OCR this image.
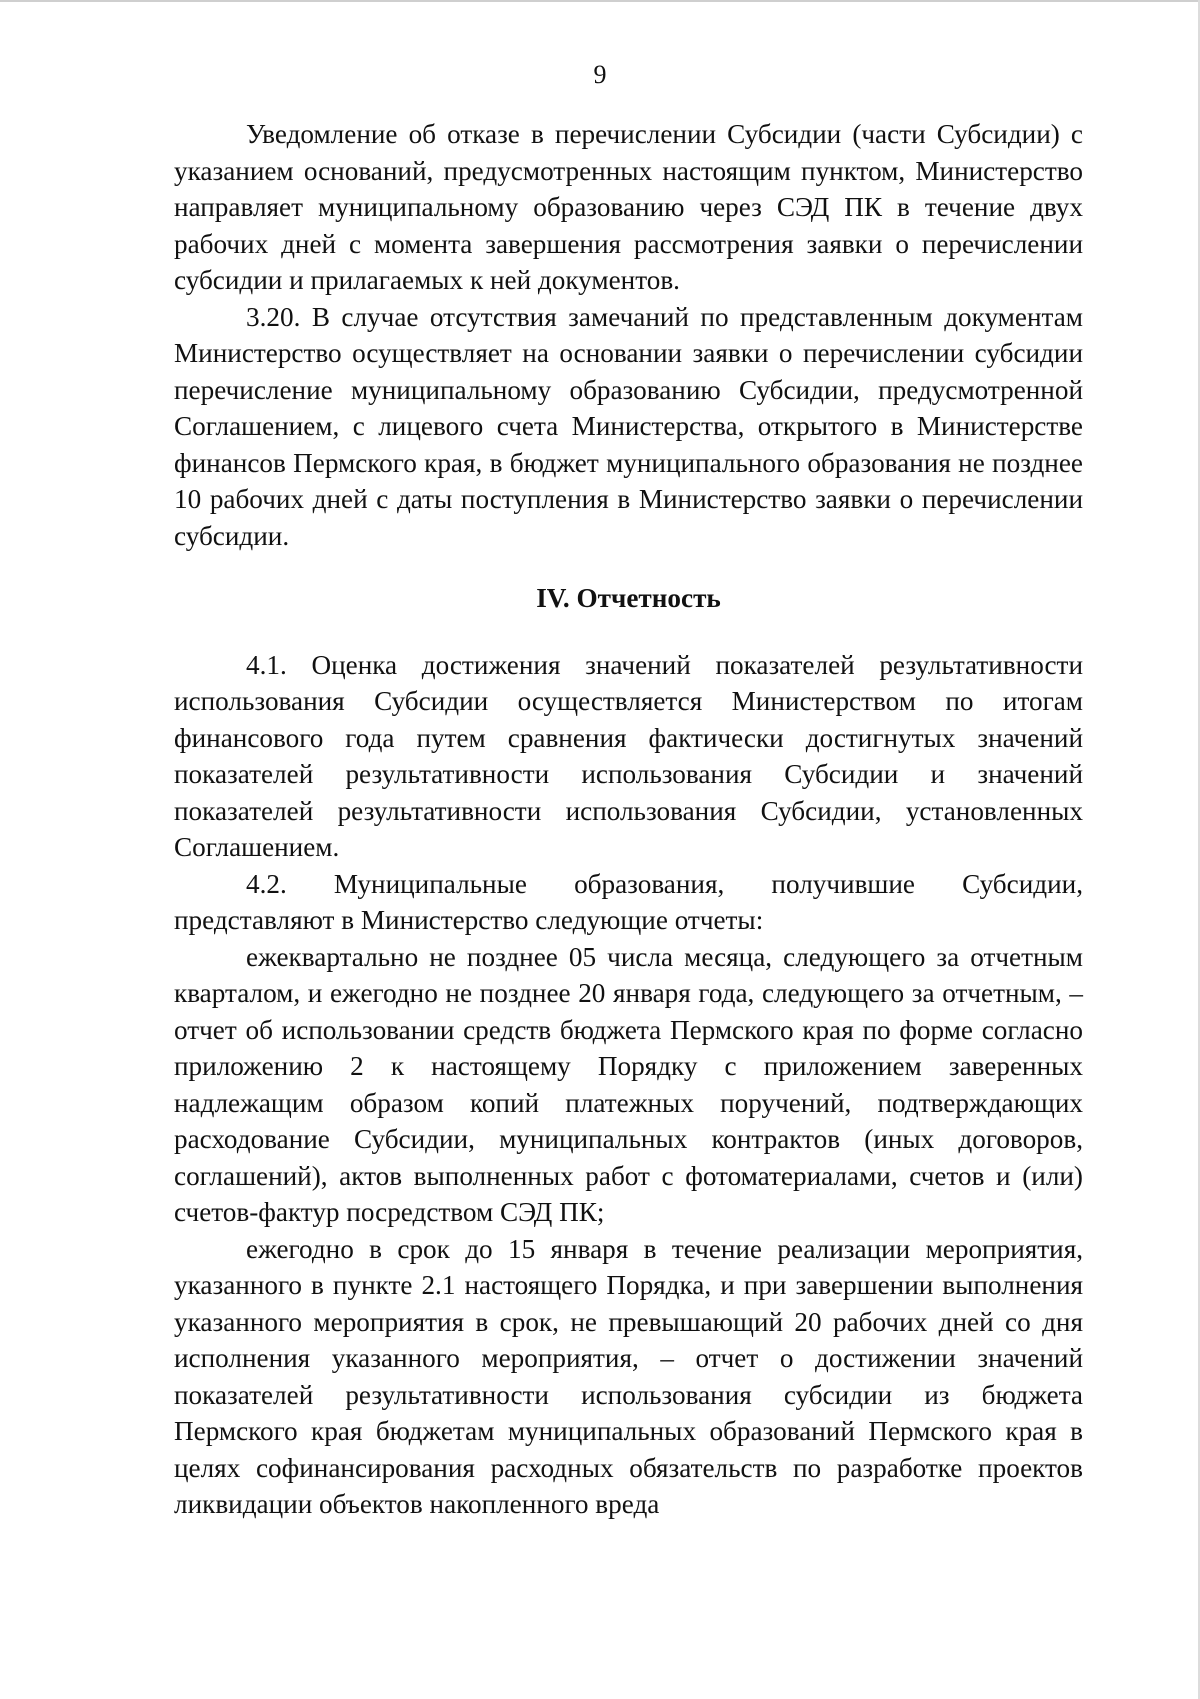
9

Уведомление об отказе в перечислении Субсидии (части Субсидии) с указанием оснований, предусмотренных настоящим пунктом, Министерство направляет муниципальному образованию через СЭД ПК в течение двух рабочих дней с момента завершения рассмотрения заявки о перечислении субсидии и прилагаемых к ней документов.

3.20. В случае отсутствия замечаний по представленным документам Министерство осуществляет на основании заявки о перечислении субсидии перечисление муниципальному образованию Субсидии, предусмотренной Соглашением, с лицевого счета Министерства, открытого в Министерстве финансов Пермского края, в бюджет муниципального образования не позднее 10 рабочих дней с даты поступления в Министерство заявки о перечислении субсидии.

IV. Отчетность

4.1. Оценка достижения значений показателей результативности использования Субсидии осуществляется Министерством по итогам финансового года путем сравнения фактически достигнутых значений показателей результативности использования Субсидии и значений показателей результативности использования Субсидии, установленных Соглашением.

4.2. Муниципальные образования, получившие Субсидии, представляют в Министерство следующие отчеты:

ежеквартально не позднее 05 числа месяца, следующего за отчетным кварталом, и ежегодно не позднее 20 января года, следующего за отчетным, – отчет об использовании средств бюджета Пермского края по форме согласно приложению 2 к настоящему Порядку с приложением заверенных надлежащим образом копий платежных поручений, подтверждающих расходование Субсидии, муниципальных контрактов (иных договоров, соглашений), актов выполненных работ с фотоматериалами, счетов и (или) счетов-фактур посредством СЭД ПК;

ежегодно в срок до 15 января в течение реализации мероприятия, указанного в пункте 2.1 настоящего Порядка, и при завершении выполнения указанного мероприятия в срок, не превышающий 20 рабочих дней со дня исполнения указанного мероприятия, – отчет о достижении значений показателей результативности использования субсидии из бюджета Пермского края бюджетам муниципальных образований Пермского края в целях софинансирования расходных обязательств по разработке проектов ликвидации объектов накопленного вреда
